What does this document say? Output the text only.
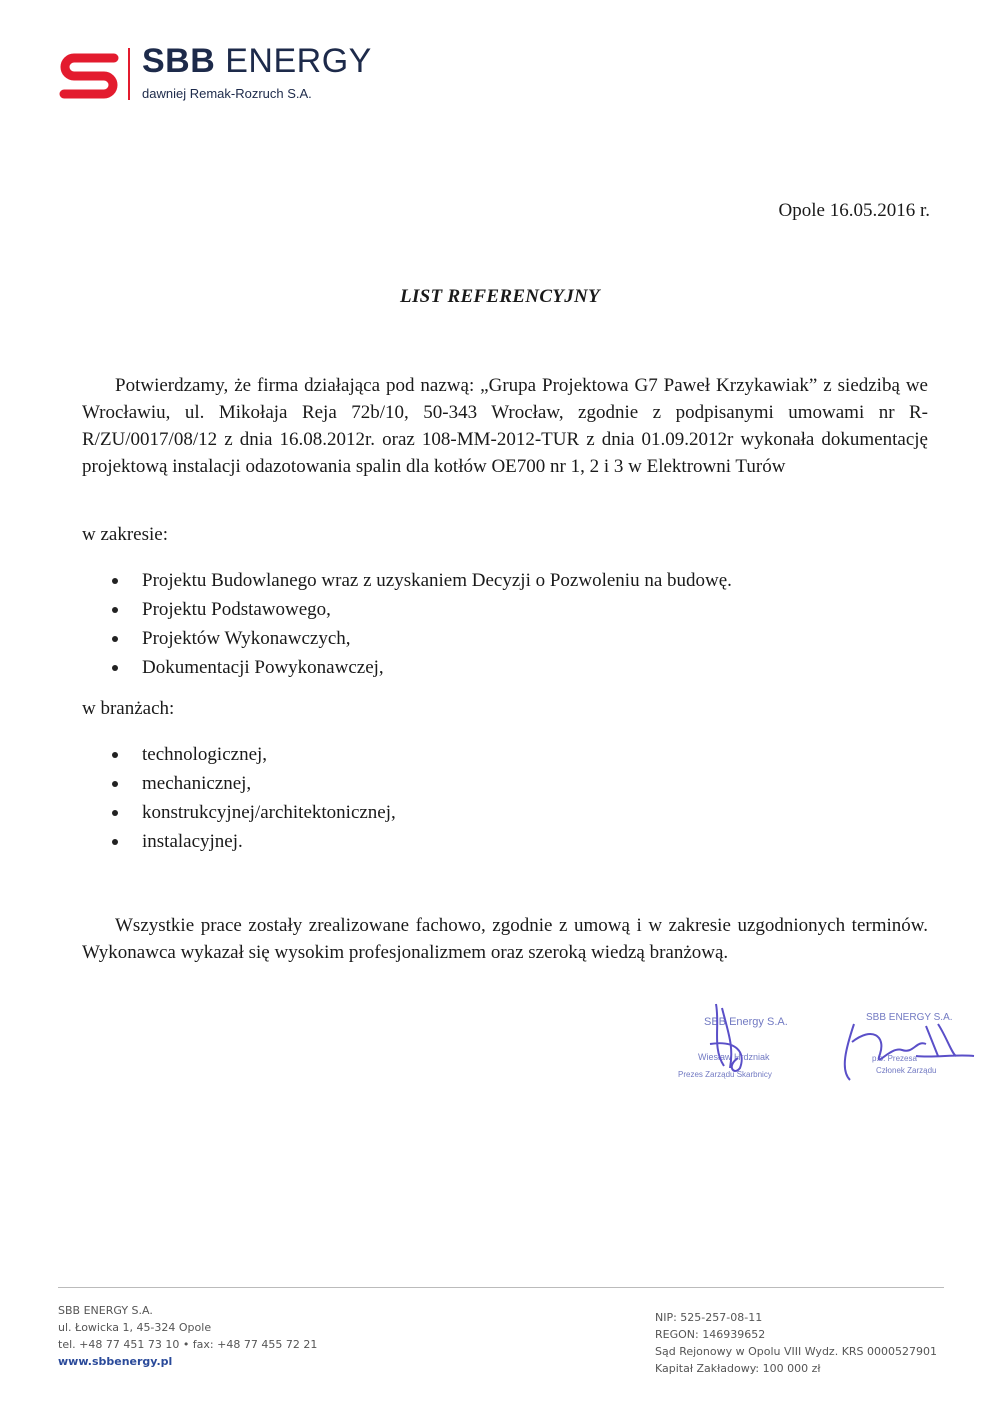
SBB ENERGY
dawniej Remak-Rozruch S.A.
Opole 16.05.2016 r.
LIST REFERENCYJNY
Potwierdzamy, że firma działająca pod nazwą: „Grupa Projektowa G7 Paweł Krzykawiak” z siedzibą we Wrocławiu, ul. Mikołaja Reja 72b/10, 50-343 Wrocław, zgodnie z podpisanymi umowami nr R-R/ZU/0017/08/12 z dnia 16.08.2012r. oraz 108-MM-2012-TUR z dnia 01.09.2012r wykonała dokumentację projektową instalacji odazotowania spalin dla kotłów OE700 nr 1, 2 i 3 w Elektrowni Turów
w zakresie:
Projektu Budowlanego wraz z uzyskaniem Decyzji o Pozwoleniu na budowę.
Projektu Podstawowego,
Projektów Wykonawczych,
Dokumentacji Powykonawczej,
w branżach:
technologicznej,
mechanicznej,
konstrukcyjnej/architektonicznej,
instalacyjnej.
Wszystkie prace zostały zrealizowane fachowo, zgodnie z umową i w zakresie uzgodnionych terminów. Wykonawca wykazał się wysokim profesjonalizmem oraz szeroką wiedzą branżową.
SBB Energy S.A.
Wiesław Hrdzniak
Prezes Zarządu Skarbnicy
SBB ENERGY S.A.
p.o. Prezesa
Członek Zarządu
SBB ENERGY S.A.
ul. Łowicka 1, 45-324 Opole
tel. +48 77 451 73 10 • fax: +48 77 455 72 21
www.sbbenergy.pl
NIP: 525-257-08-11
REGON: 146939652
Sąd Rejonowy w Opolu VIII Wydz. KRS 0000527901
Kapitał Zakładowy: 100 000 zł
